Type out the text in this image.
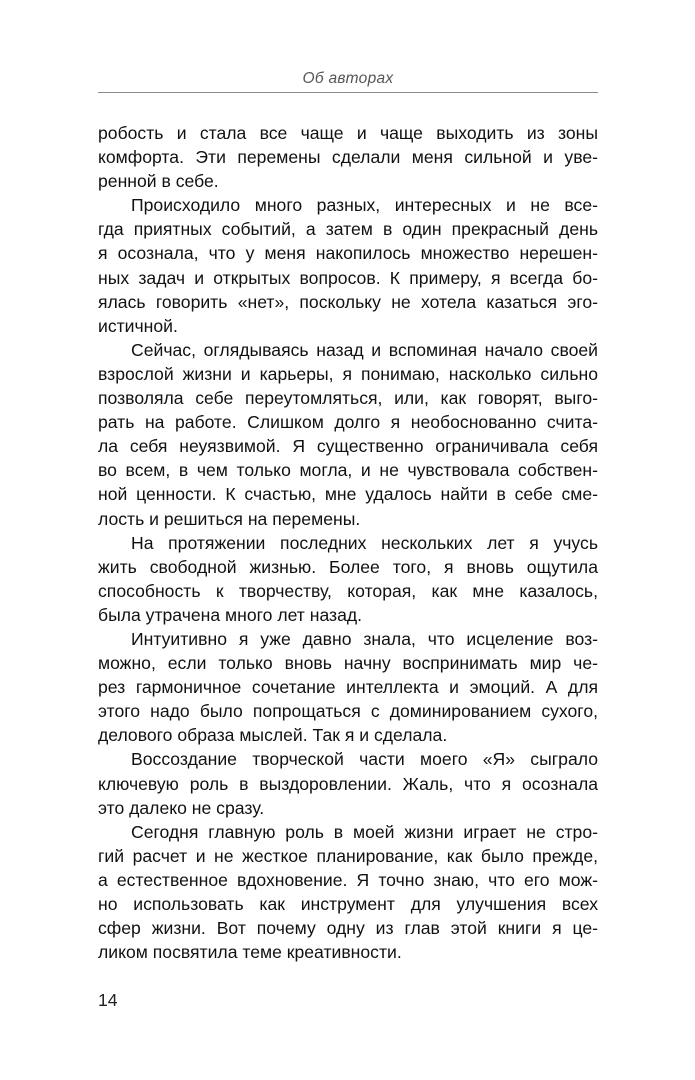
Об авторах

робость и стала все чаще и чаще выходить из зоны
комфорта. Эти перемены сделали меня сильной и уве-
ренной в себе.

Происходило много разных, интересных и не все-
гда приятных событий, а затем в один прекрасный день
я осознала, что у меня накопилось множество нерешен-
ных задач и открытых вопросов. К примеру, я всегда бо-
ялась говорить «нет», поскольку не хотела казаться эго-
истичной.

Сейчас, оглядываясь назад и вспоминая начало своей
взрослой жизни и карьеры, я понимаю, насколько сильно
позволяла себе переутомляться, или, как говорят, выго-
рать на работе. Слишком долго я необоснованно счита-
ла себя неуязвимой. Я существенно ограничивала себя
во всем, в чем только могла, и не чувствовала собствен-
ной ценности. К счастью, мне удалось найти в себе сме-
лость и решиться на перемены.

На протяжении последних нескольких лет я учусь
жить свободной жизнью. Более того, я вновь ощутила
способность к творчеству, которая, как мне казалось,
была утрачена много лет назад.

Интуитивно я уже давно знала, что исцеление воз-
можно, если только вновь начну воспринимать мир че-
рез гармоничное сочетание интеллекта и эмоций. А для
этого надо было попрощаться с доминированием сухого,
делового образа мыслей. Так я и сделала.

Воссоздание творческой части моего «Я» сыграло
ключевую роль в выздоровлении. Жаль, что я осознала
это далеко не сразу.

Сегодня главную роль в моей жизни играет не стро-
гий расчет и не жесткое планирование, как было прежде,
а естественное вдохновение. Я точно знаю, что его мож-
но использовать как инструмент для улучшения всех
сфер жизни. Вот почему одну из глав этой книги я це-
ликом посвятила теме креативности.

14
